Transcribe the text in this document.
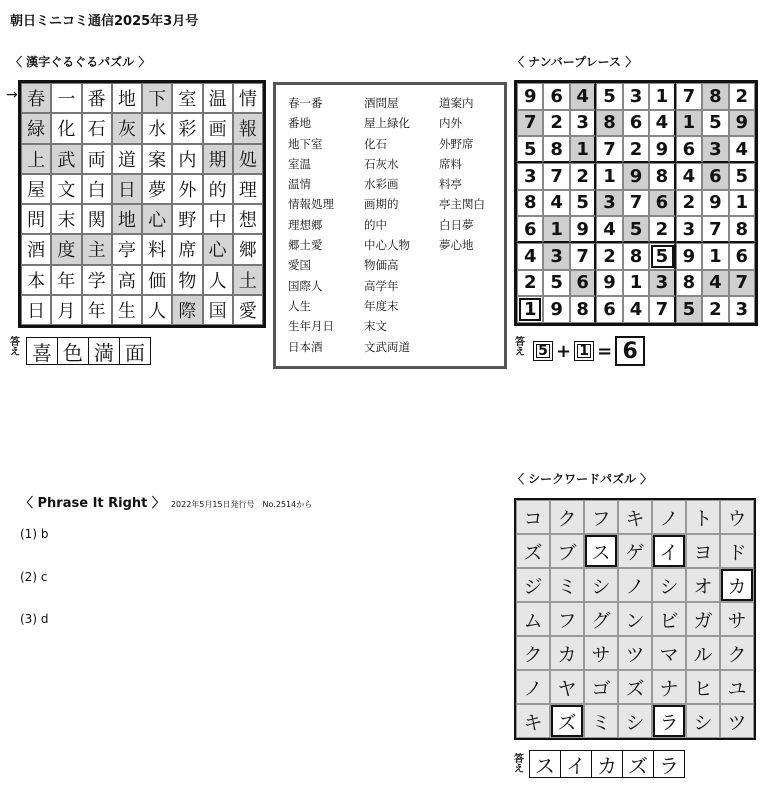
朝日ミニコミ通信2025年3月号
〈 漢字ぐるぐるパズル 〉
→ 春 一 番 地 下 室 温 情
緑 化 石 灰 水 彩 画 報
上 武 両 道 案 内 期 処
屋 文 白 日 夢 外 的 理
問 末 関 地 心 野 中 想
酒 度 主 亭 料 席 心 郷
本 年 学 高 価 物 人 土
日 月 年 生 人 際 国 愛
答え 喜 色 満 面
春一番
番地
地下室
室温
温情
情報処理
理想郷
郷土愛
愛国
国際人
人生
生年月日
日本酒
酒問屋
屋上緑化
化石
石灰水
水彩画
画期的
的中
中心人物
物価高
高学年
年度末
末文
文武両道
道案内
内外
外野席
席料
料亭
亭主関白
白日夢
夢心地
〈 ナンバープレース 〉
9 6 4 5 3 1 7 8 2
7 2 3 8 6 4 1 5 9
5 8 1 7 2 9 6 3 4
3 7 2 1 9 8 4 6 5
8 4 5 3 7 6 2 9 1
6 1 9 4 5 2 3 7 8
4 3 7 2 8 5 9 1 6
2 5 6 9 1 3 8 4 7
1 9 8 6 4 7 5 2 3
答え 5 + 1 = 6
〈 Phrase It Right 〉 2022年5月15日発行号　No.2514から
(1) b
(2) c
(3) d
〈 シークワードパズル 〉
コ ク フ キ ノ ト ウ
ズ ブ ス ゲ イ ヨ ド
ジ ミ シ ノ シ オ カ
ム フ グ ン ビ ガ サ
ク カ サ ツ マ ル ク
ノ ヤ ゴ ズ ナ ヒ ユ
キ ズ ミ シ ラ シ ツ
答え ス イ カ ズ ラ
